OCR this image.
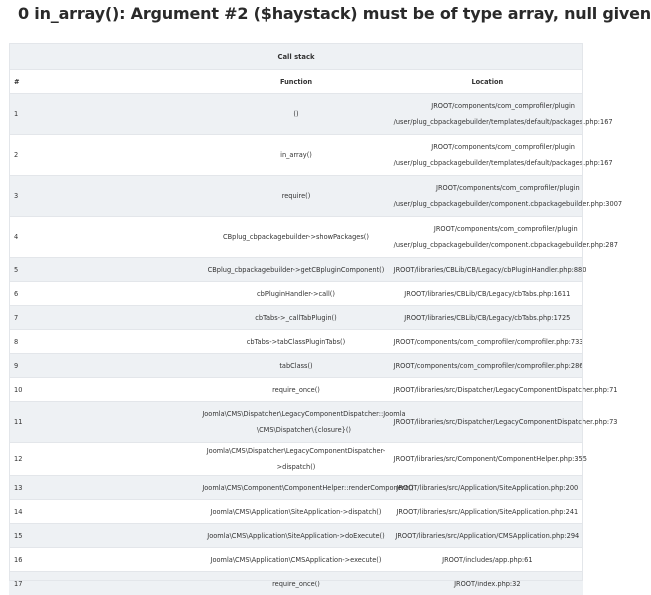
0 in_array(): Argument #2 ($haystack) must be of type array, null given
Call stack		
#	Function	Location
1	()	JROOT/components/com_comprofiler/plugin
/user/plug_cbpackagebuilder/templates/default/packages.php:167
2	in_array()	JROOT/components/com_comprofiler/plugin
/user/plug_cbpackagebuilder/templates/default/packages.php:167
3	require()	JROOT/components/com_comprofiler/plugin
/user/plug_cbpackagebuilder/component.cbpackagebuilder.php:3007
4	CBplug_cbpackagebuilder->showPackages()	JROOT/components/com_comprofiler/plugin
/user/plug_cbpackagebuilder/component.cbpackagebuilder.php:287
5	CBplug_cbpackagebuilder->getCBpluginComponent()	JROOT/libraries/CBLib/CB/Legacy/cbPluginHandler.php:880
6	cbPluginHandler->call()	JROOT/libraries/CBLib/CB/Legacy/cbTabs.php:1611
7	cbTabs->_callTabPlugin()	JROOT/libraries/CBLib/CB/Legacy/cbTabs.php:1725
8	cbTabs->tabClassPluginTabs()	JROOT/components/com_comprofiler/comprofiler.php:733
9	tabClass()	JROOT/components/com_comprofiler/comprofiler.php:286
10	require_once()	JROOT/libraries/src/Dispatcher/LegacyComponentDispatcher.php:71
11	Joomla\CMS\Dispatcher\LegacyComponentDispatcher::Joomla
\CMS\Dispatcher\{closure}()	JROOT/libraries/src/Dispatcher/LegacyComponentDispatcher.php:73
12	Joomla\CMS\Dispatcher\LegacyComponentDispatcher->dispatch()	JROOT/libraries/src/Component/ComponentHelper.php:355
13	Joomla\CMS\Component\ComponentHelper::renderComponent()	JROOT/libraries/src/Application/SiteApplication.php:200
14	Joomla\CMS\Application\SiteApplication->dispatch()	JROOT/libraries/src/Application/SiteApplication.php:241
15	Joomla\CMS\Application\SiteApplication->doExecute()	JROOT/libraries/src/Application/CMSApplication.php:294
16	Joomla\CMS\Application\CMSApplication->execute()	JROOT/includes/app.php:61
17	require_once()	JROOT/index.php:32
